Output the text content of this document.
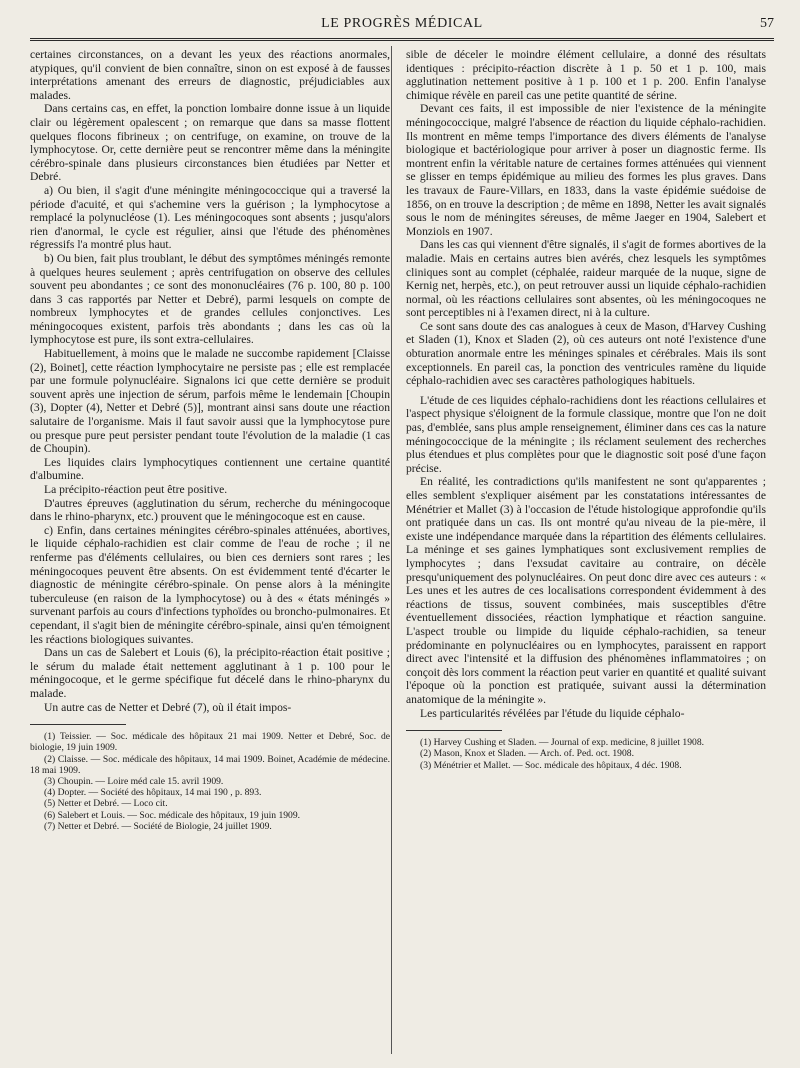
LE PROGRÈS MÉDICAL	57

certaines circonstances, on a devant les yeux des réactions anormales, atypiques, qu'il convient de bien connaître, sinon on est exposé à de fausses interprétations amenant des erreurs de diagnostic, préjudiciables aux malades.

Dans certains cas, en effet, la ponction lombaire donne issue à un liquide clair ou légèrement opalescent ; on remarque que dans sa masse flottent quelques flocons fibrineux ; on centrifuge, on examine, on trouve de la lymphocytose. Or, cette dernière peut se rencontrer même dans la méningite cérébro-spinale dans plusieurs circonstances bien étudiées par Netter et Debré.

a) Ou bien, il s'agit d'une méningite méningococcique qui a traversé la période d'acuité, et qui s'achemine vers la guérison ; la lymphocytose a remplacé la polynucléose (1). Les méningocoques sont absents ; jusqu'alors rien d'anormal, le cycle est régulier, ainsi que l'étude des phénomènes régressifs l'a montré plus haut.

b) Ou bien, fait plus troublant, le début des symptômes méningés remonte à quelques heures seulement ; après centrifugation on observe des cellules souvent peu abondantes ; ce sont des mononucléaires (76 p. 100, 80 p. 100 dans 3 cas rapportés par Netter et Debré), parmi lesquels on compte de nombreux lymphocytes et de grandes cellules conjonctives. Les méningocoques existent, parfois très abondants ; dans les cas où la lymphocytose est pure, ils sont extra-cellulaires.

Habituellement, à moins que le malade ne succombe rapidement [Claisse (2), Boinet], cette réaction lymphocytaire ne persiste pas ; elle est remplacée par une formule polynucléaire. Signalons ici que cette dernière se produit souvent après une injection de sérum, parfois même le lendemain [Choupin (3), Dopter (4), Netter et Debré (5)], montrant ainsi sans doute une réaction salutaire de l'organisme. Mais il faut savoir aussi que la lymphocytose pure ou presque pure peut persister pendant toute l'évolution de la maladie (1 cas de Choupin).

Les liquides clairs lymphocytiques contiennent une certaine quantité d'albumine.

La précipito-réaction peut être positive.

D'autres épreuves (agglutination du sérum, recherche du méningocoque dans le rhino-pharynx, etc.) prouvent que le méningocoque est en cause.

c) Enfin, dans certaines méningites cérébro-spinales atténuées, abortives, le liquide céphalo-rachidien est clair comme de l'eau de roche ; il ne renferme pas d'éléments cellulaires, ou bien ces derniers sont rares ; les méningocoques peuvent être absents. On est évidemment tenté d'écarter le diagnostic de méningite cérébro-spinale. On pense alors à la méningite tuberculeuse (en raison de la lymphocytose) ou à des « états méningés » survenant parfois au cours d'infections typhoïdes ou broncho-pulmonaires. Et cependant, il s'agit bien de méningite cérébro-spinale, ainsi qu'en témoignent les réactions biologiques suivantes.

Dans un cas de Salebert et Louis (6), la précipito-réaction était positive ; le sérum du malade était nettement agglutinant à 1 p. 100 pour le méningocoque, et le germe spécifique fut décelé dans le rhino-pharynx du malade.

Un autre cas de Netter et Debré (7), où il était impos-

(1) Teissier. — Soc. médicale des hôpitaux 21 mai 1909. Netter et Debré, Soc. de biologie, 19 juin 1909.
(2) Claisse. — Soc. médicale des hôpitaux, 14 mai 1909. Boinet, Académie de médecine. 18 mai 1909.
(3) Choupin. — Loire méd cale 15. avril 1909.
(4) Dopter. — Société des hôpitaux, 14 mai 190 , p. 893.
(5) Netter et Debré. — Loco cit.
(6) Salebert et Louis. — Soc. médicale des hôpitaux, 19 juin 1909.
(7) Netter et Debré. — Société de Biologie, 24 juillet 1909.

sible de déceler le moindre élément cellulaire, a donné des résultats identiques : précipito-réaction discrète à 1 p. 50 et 1 p. 100, mais agglutination nettement positive à 1 p. 100 et 1 p. 200. Enfin l'analyse chimique révèle en pareil cas une petite quantité de sérine.

Devant ces faits, il est impossible de nier l'existence de la méningite méningococcique, malgré l'absence de réaction du liquide céphalo-rachidien. Ils montrent en même temps l'importance des divers éléments de l'analyse biologique et bactériologique pour arriver à poser un diagnostic ferme. Ils montrent enfin la véritable nature de certaines formes atténuées qui viennent se glisser en temps épidémique au milieu des formes les plus graves. Dans les travaux de Faure-Villars, en 1833, dans la vaste épidémie suédoise de 1856, on en trouve la description ; de même en 1898, Netter les avait signalés sous le nom de méningites séreuses, de même Jaeger en 1904, Salebert et Monziols en 1907.

Dans les cas qui viennent d'être signalés, il s'agit de formes abortives de la maladie. Mais en certains autres bien avérés, chez lesquels les symptômes cliniques sont au complet (céphalée, raideur marquée de la nuque, signe de Kernig net, herpès, etc.), on peut retrouver aussi un liquide céphalo-rachidien normal, où les réactions cellulaires sont absentes, où les méningocoques ne sont perceptibles ni à l'examen direct, ni à la culture.

Ce sont sans doute des cas analogues à ceux de Mason, d'Harvey Cushing et Sladen (1), Knox et Sladen (2), où ces auteurs ont noté l'existence d'une obturation anormale entre les méninges spinales et cérébrales. Mais ils sont exceptionnels. En pareil cas, la ponction des ventricules ramène du liquide céphalo-rachidien avec ses caractères pathologiques habituels.

L'étude de ces liquides céphalo-rachidiens dont les réactions cellulaires et l'aspect physique s'éloignent de la formule classique, montre que l'on ne doit pas, d'emblée, sans plus ample renseignement, éliminer dans ces cas la nature méningococcique de la méningite ; ils réclament seulement des recherches plus étendues et plus complètes pour que le diagnostic soit posé d'une façon précise.

En réalité, les contradictions qu'ils manifestent ne sont qu'apparentes ; elles semblent s'expliquer aisément par les constatations intéressantes de Ménétrier et Mallet (3) à l'occasion de l'étude histologique approfondie qu'ils ont pratiquée dans un cas. Ils ont montré qu'au niveau de la pie-mère, il existe une indépendance marquée dans la répartition des éléments cellulaires. La méninge et ses gaines lymphatiques sont exclusivement remplies de lymphocytes ; dans l'exsudat cavitaire au contraire, on décèle presqu'uniquement des polynucléaires. On peut donc dire avec ces auteurs : « Les unes et les autres de ces localisations correspondent évidemment à des réactions de tissus, souvent combinées, mais susceptibles d'être éventuellement dissociées, réaction lymphatique et réaction sanguine. L'aspect trouble ou limpide du liquide céphalo-rachidien, sa teneur prédominante en polynucléaires ou en lymphocytes, paraissent en rapport direct avec l'intensité et la diffusion des phénomènes inflammatoires ; on conçoit dès lors comment la réaction peut varier en quantité et qualité suivant l'époque où la ponction est pratiquée, suivant aussi la détermination anatomique de la méningite ».

Les particularités révélées par l'étude du liquide céphalo-

(1) Harvey Cushing et Sladen. — Journal of exp. medicine, 8 juillet 1908.
(2) Mason, Knox et Sladen. — Arch. of. Ped. oct. 1908.
(3) Ménétrier et Mallet. — Soc. médicale des hôpitaux, 4 déc. 1908.
